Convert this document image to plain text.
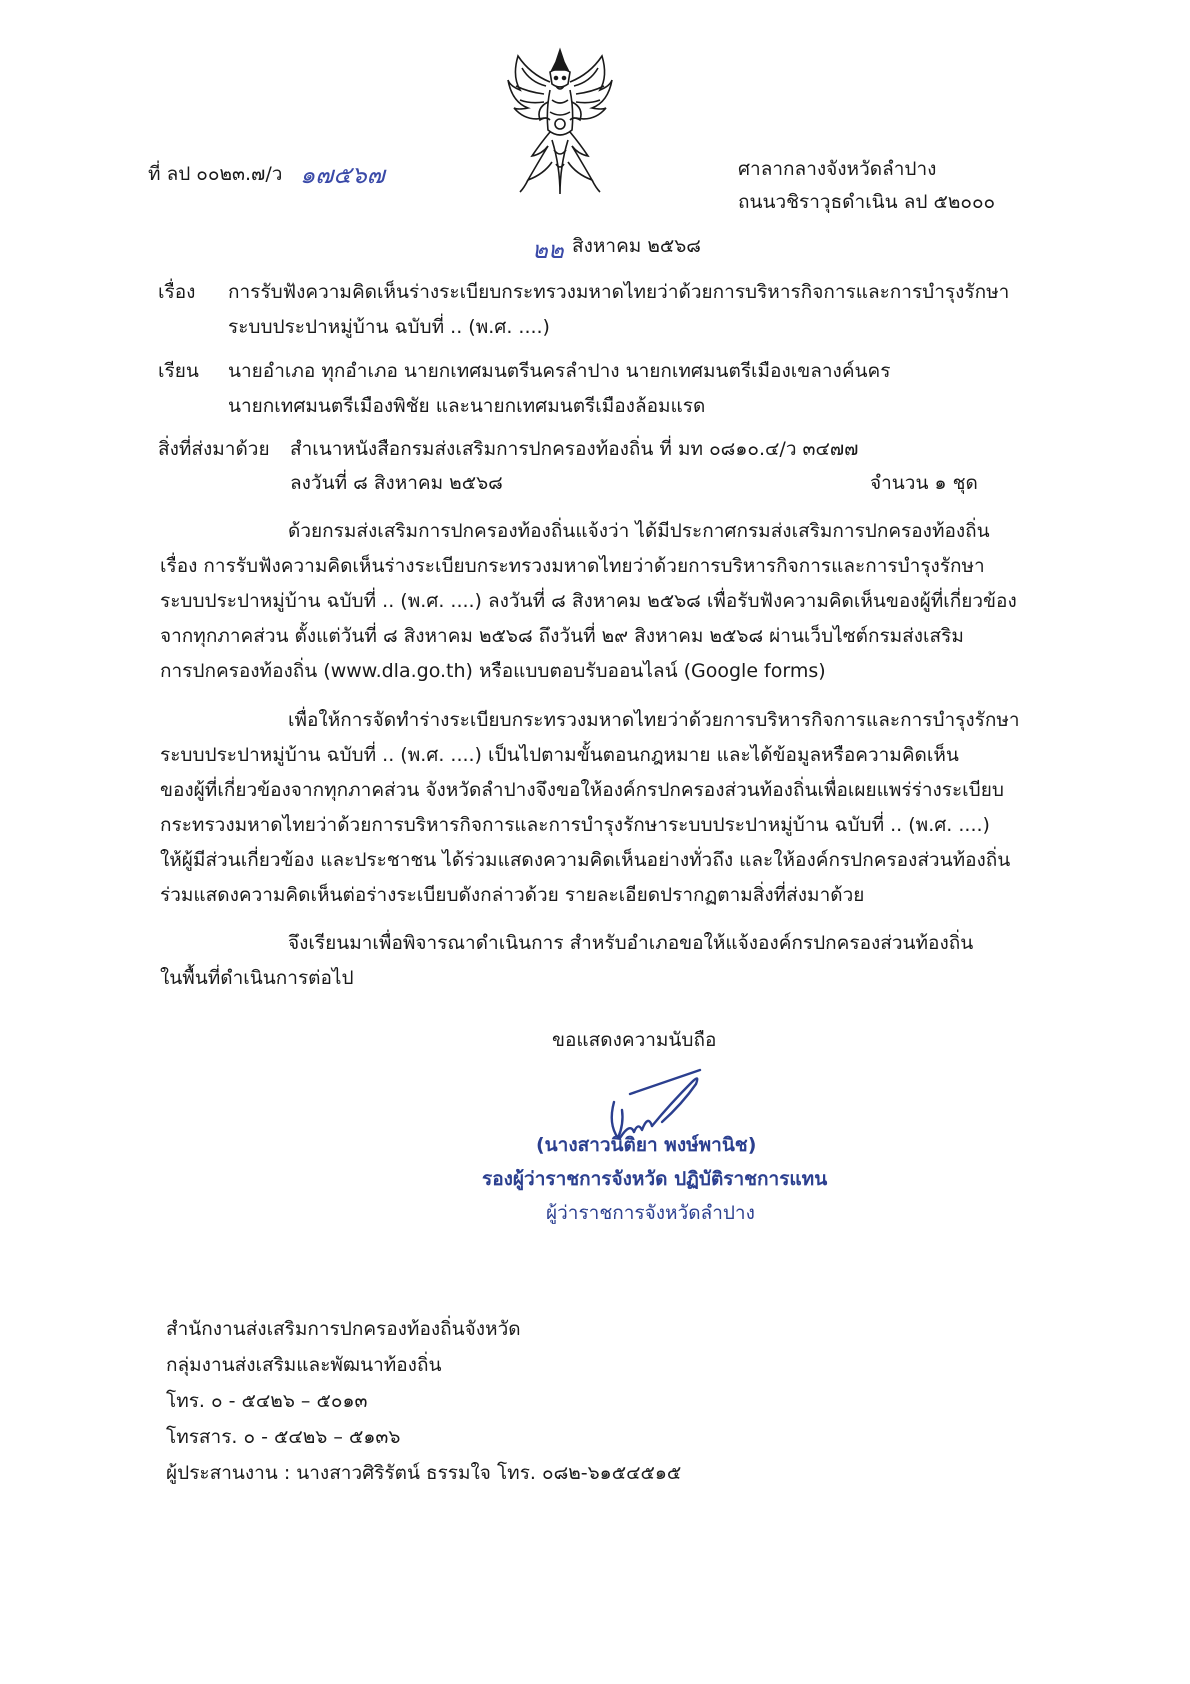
ที่ ลป ๐๐๒๓.๗/ว ๑๗๕๖๗	ศาลากลางจังหวัดลำปาง
ถนนวชิราวุธดำเนิน ลป ๕๒๐๐๐
๒๒ สิงหาคม ๒๕๖๘
เรื่อง การรับฟังความคิดเห็นร่างระเบียบกระทรวงมหาดไทยว่าด้วยการบริหารกิจการและการบำรุงรักษา
ระบบประปาหมู่บ้าน ฉบับที่ .. (พ.ศ. ....)
เรียน นายอำเภอ ทุกอำเภอ นายกเทศมนตรีนครลำปาง นายกเทศมนตรีเมืองเขลางค์นคร
นายกเทศมนตรีเมืองพิชัย และนายกเทศมนตรีเมืองล้อมแรด
สิ่งที่ส่งมาด้วย สำเนาหนังสือกรมส่งเสริมการปกครองท้องถิ่น ที่ มท ๐๘๑๐.๔/ว ๓๔๗๗
ลงวันที่ ๘ สิงหาคม ๒๕๖๘	จำนวน ๑ ชุด
ด้วยกรมส่งเสริมการปกครองท้องถิ่นแจ้งว่า ได้มีประกาศกรมส่งเสริมการปกครองท้องถิ่น
เรื่อง การรับฟังความคิดเห็นร่างระเบียบกระทรวงมหาดไทยว่าด้วยการบริหารกิจการและการบำรุงรักษา
ระบบประปาหมู่บ้าน ฉบับที่ .. (พ.ศ. ....) ลงวันที่ ๘ สิงหาคม ๒๕๖๘ เพื่อรับฟังความคิดเห็นของผู้ที่เกี่ยวข้อง
จากทุกภาคส่วน ตั้งแต่วันที่ ๘ สิงหาคม ๒๕๖๘ ถึงวันที่ ๒๙ สิงหาคม ๒๕๖๘ ผ่านเว็บไซต์กรมส่งเสริม
การปกครองท้องถิ่น (www.dla.go.th) หรือแบบตอบรับออนไลน์ (Google forms)
เพื่อให้การจัดทำร่างระเบียบกระทรวงมหาดไทยว่าด้วยการบริหารกิจการและการบำรุงรักษา
ระบบประปาหมู่บ้าน ฉบับที่ .. (พ.ศ. ....) เป็นไปตามขั้นตอนกฎหมาย และได้ข้อมูลหรือความคิดเห็น
ของผู้ที่เกี่ยวข้องจากทุกภาคส่วน จังหวัดลำปางจึงขอให้องค์กรปกครองส่วนท้องถิ่นเพื่อเผยแพร่ร่างระเบียบ
กระทรวงมหาดไทยว่าด้วยการบริหารกิจการและการบำรุงรักษาระบบประปาหมู่บ้าน ฉบับที่ .. (พ.ศ. ....)
ให้ผู้มีส่วนเกี่ยวข้อง และประชาชน ได้ร่วมแสดงความคิดเห็นอย่างทั่วถึง และให้องค์กรปกครองส่วนท้องถิ่น
ร่วมแสดงความคิดเห็นต่อร่างระเบียบดังกล่าวด้วย รายละเอียดปรากฏตามสิ่งที่ส่งมาด้วย
จึงเรียนมาเพื่อพิจารณาดำเนินการ สำหรับอำเภอขอให้แจ้งองค์กรปกครองส่วนท้องถิ่น
ในพื้นที่ดำเนินการต่อไป
ขอแสดงความนับถือ
(นางสาวนิติยา พงษ์พานิช)
รองผู้ว่าราชการจังหวัด ปฏิบัติราชการแทน
ผู้ว่าราชการจังหวัดลำปาง
สำนักงานส่งเสริมการปกครองท้องถิ่นจังหวัด
กลุ่มงานส่งเสริมและพัฒนาท้องถิ่น
โทร. ๐ - ๕๔๒๖ – ๕๐๑๓
โทรสาร. ๐ - ๕๔๒๖ – ๕๑๓๖
ผู้ประสานงาน : นางสาวศิริรัตน์ ธรรมใจ โทร. ๐๘๒-๖๑๕๔๕๑๕
